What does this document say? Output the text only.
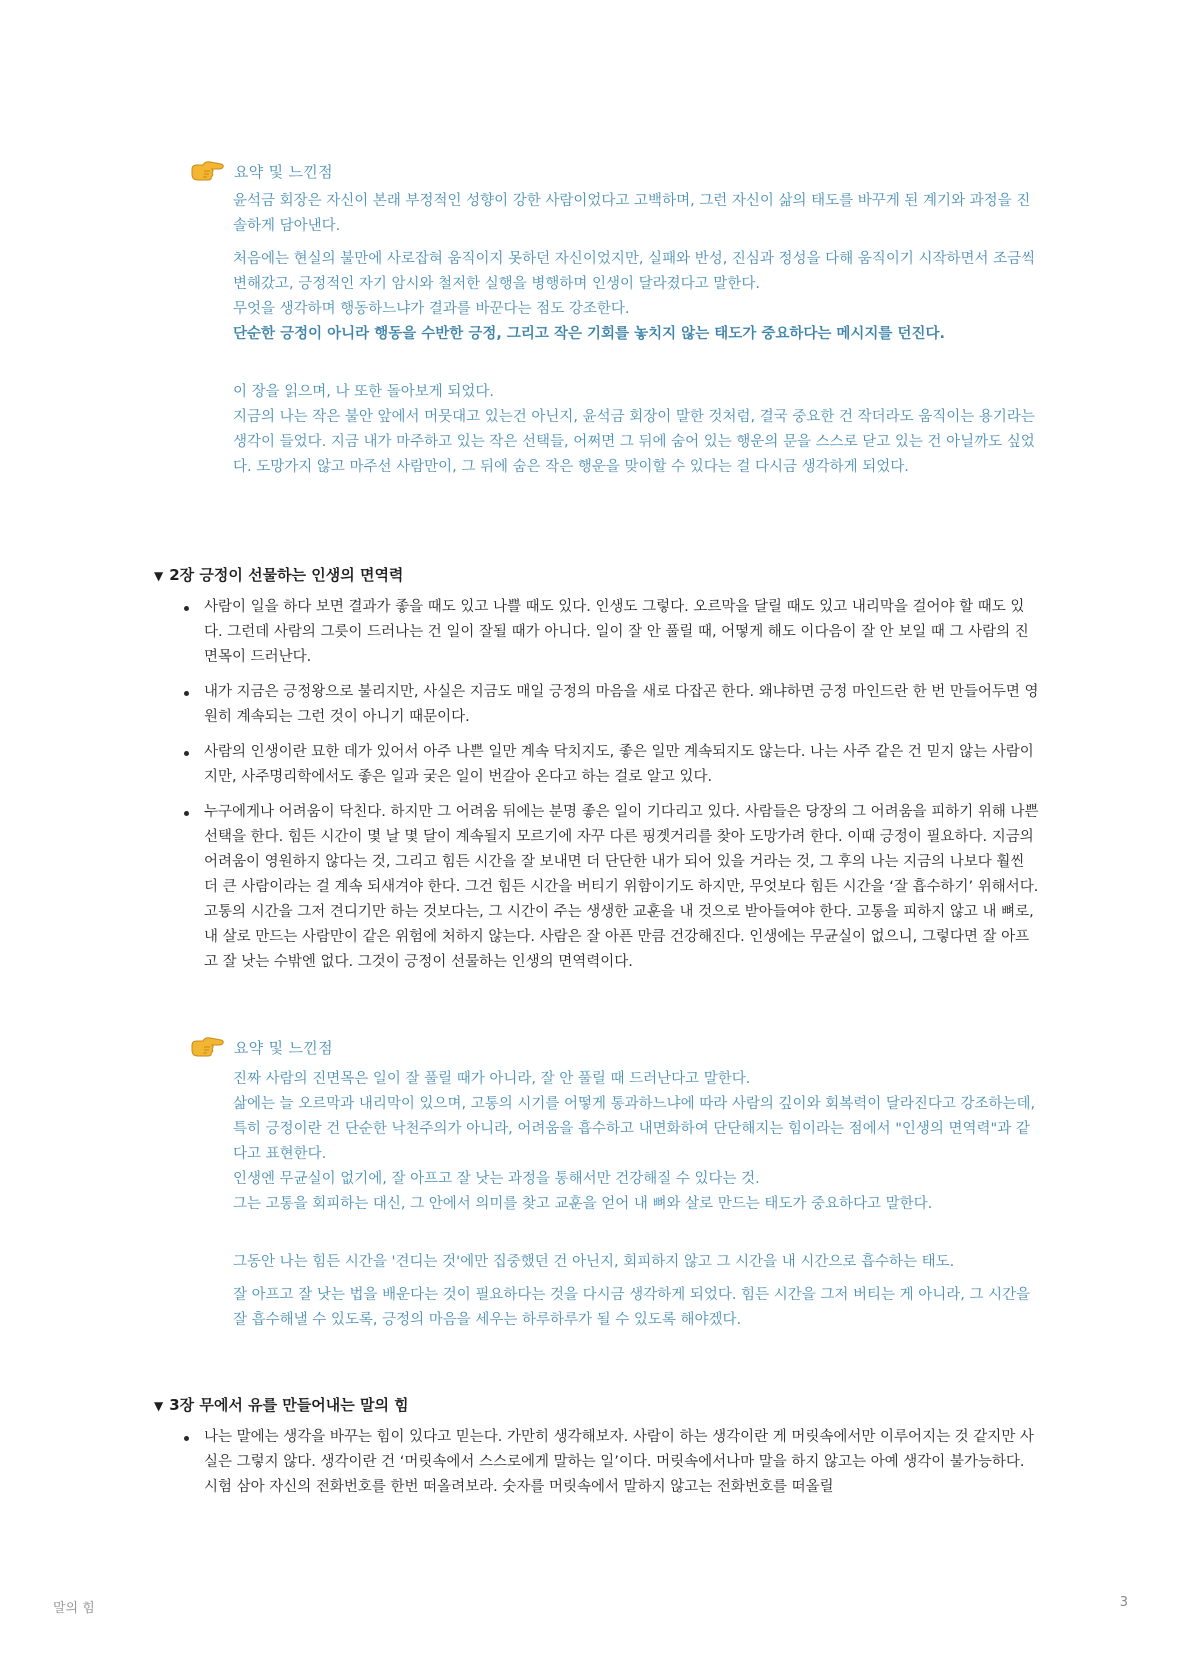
요약 및 느낀점

윤석금 회장은 자신이 본래 부정적인 성향이 강한 사람이었다고 고백하며, 그런 자신이 삶의 태도를 바꾸게 된 계기와 과정을 진솔하게 담아낸다.

처음에는 현실의 불만에 사로잡혀 움직이지 못하던 자신이었지만, 실패와 반성, 진심과 정성을 다해 움직이기 시작하면서 조금씩 변해갔고, 긍정적인 자기 암시와 철저한 실행을 병행하며 인생이 달라졌다고 말한다.

무엇을 생각하며 행동하느냐가 결과를 바꾼다는 점도 강조한다.

단순한 긍정이 아니라 행동을 수반한 긍정, 그리고 작은 기회를 놓치지 않는 태도가 중요하다는 메시지를 던진다.

이 장을 읽으며, 나 또한 돌아보게 되었다.

지금의 나는 작은 불안 앞에서 머뭇대고 있는건 아닌지, 윤석금 회장이 말한 것처럼, 결국 중요한 건 작더라도 움직이는 용기라는 생각이 들었다. 지금 내가 마주하고 있는 작은 선택들, 어쩌면 그 뒤에 숨어 있는 행운의 문을 스스로 닫고 있는 건 아닐까도 싶었다. 도망가지 않고 마주선 사람만이, 그 뒤에 숨은 작은 행운을 맞이할 수 있다는 걸 다시금 생각하게 되었다.

▼ 2장 긍정이 선물하는 인생의 면역력
사람이 일을 하다 보면 결과가 좋을 때도 있고 나쁠 때도 있다. 인생도 그렇다. 오르막을 달릴 때도 있고 내리막을 걸어야 할 때도 있다. 그런데 사람의 그릇이 드러나는 건 일이 잘될 때가 아니다. 일이 잘 안 풀릴 때, 어떻게 해도 이다음이 잘 안 보일 때 그 사람의 진면목이 드러난다.
내가 지금은 긍정왕으로 불리지만, 사실은 지금도 매일 긍정의 마음을 새로 다잡곤 한다. 왜냐하면 긍정 마인드란 한 번 만들어두면 영원히 계속되는 그런 것이 아니기 때문이다.
사람의 인생이란 묘한 데가 있어서 아주 나쁜 일만 계속 닥치지도, 좋은 일만 계속되지도 않는다. 나는 사주 같은 건 믿지 않는 사람이지만, 사주명리학에서도 좋은 일과 궂은 일이 번갈아 온다고 하는 걸로 알고 있다.
누구에게나 어려움이 닥친다. 하지만 그 어려움 뒤에는 분명 좋은 일이 기다리고 있다. 사람들은 당장의 그 어려움을 피하기 위해 나쁜 선택을 한다. 힘든 시간이 몇 날 몇 달이 계속될지 모르기에 자꾸 다른 핑곗거리를 찾아 도망가려 한다. 이때 긍정이 필요하다. 지금의 어려움이 영원하지 않다는 것, 그리고 힘든 시간을 잘 보내면 더 단단한 내가 되어 있을 거라는 것, 그 후의 나는 지금의 나보다 훨씬 더 큰 사람이라는 걸 계속 되새겨야 한다. 그건 힘든 시간을 버티기 위함이기도 하지만, 무엇보다 힘든 시간을 ‘잘 흡수하기’ 위해서다. 고통의 시간을 그저 견디기만 하는 것보다는, 그 시간이 주는 생생한 교훈을 내 것으로 받아들여야 한다. 고통을 피하지 않고 내 뼈로, 내 살로 만드는 사람만이 같은 위험에 처하지 않는다. 사람은 잘 아픈 만큼 건강해진다. 인생에는 무균실이 없으니, 그렇다면 잘 아프고 잘 낫는 수밖엔 없다. 그것이 긍정이 선물하는 인생의 면역력이다.
요약 및 느낀점

진짜 사람의 진면목은 일이 잘 풀릴 때가 아니라, 잘 안 풀릴 때 드러난다고 말한다.

삶에는 늘 오르막과 내리막이 있으며, 고통의 시기를 어떻게 통과하느냐에 따라 사람의 깊이와 회복력이 달라진다고 강조하는데, 특히 긍정이란 건 단순한 낙천주의가 아니라, 어려움을 흡수하고 내면화하여 단단해지는 힘이라는 점에서 "인생의 면역력"과 같다고 표현한다.

인생엔 무균실이 없기에, 잘 아프고 잘 낫는 과정을 통해서만 건강해질 수 있다는 것.

그는 고통을 회피하는 대신, 그 안에서 의미를 찾고 교훈을 얻어 내 뼈와 살로 만드는 태도가 중요하다고 말한다.

그동안 나는 힘든 시간을 '견디는 것'에만 집중했던 건 아닌지, 회피하지 않고 그 시간을 내 시간으로 흡수하는 태도.

잘 아프고 잘 낫는 법을 배운다는 것이 필요하다는 것을 다시금 생각하게 되었다. 힘든 시간을 그저 버티는 게 아니라, 그 시간을 잘 흡수해낼 수 있도록, 긍정의 마음을 세우는 하루하루가 될 수 있도록 해야겠다.

▼ 3장 무에서 유를 만들어내는 말의 힘
나는 말에는 생각을 바꾸는 힘이 있다고 믿는다. 가만히 생각해보자. 사람이 하는 생각이란 게 머릿속에서만 이루어지는 것 같지만 사실은 그렇지 않다. 생각이란 건 ‘머릿속에서 스스로에게 말하는 일’이다. 머릿속에서나마 말을 하지 않고는 아예 생각이 불가능하다. 시험 삼아 자신의 전화번호를 한번 떠올려보라. 숫자를 머릿속에서 말하지 않고는 전화번호를 떠올릴
말의 힘	3
